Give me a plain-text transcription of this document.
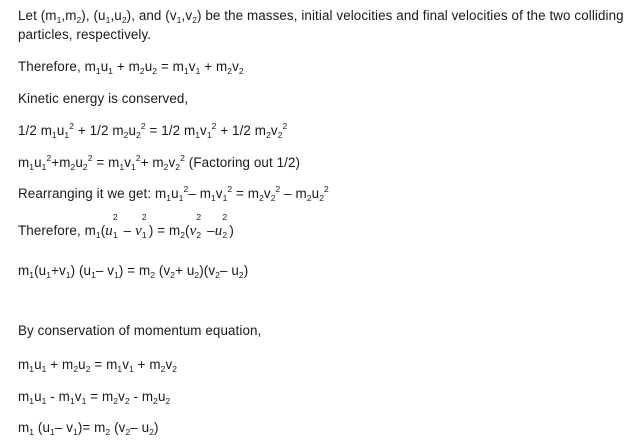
Let $(m_1,m_2)$, $(u_1,u_2)$, and $(v_1,v_2)$ be the masses, initial velocities and final velocities of the two colliding particles, respectively.
Therefore, $m_1u_1 + m_2u_2 = m_1v_1 + m_2v_2$
Kinetic energy is conserved,
1/2 $m_1u_1^2 + 1/2$ $m_2u_2^2 = 1/2$ $m_1v_1^2 + 1/2$ $m_2v_2^2$
$m_1u_1^2+m_2u_2^2 = m_1v_1^2+ m_2v_2^2$ (Factoring out 1/2)
Rearranging it we get: $m_1u_1^2-$ $m_1v_1^2 = m_2v_2^2 - m_2u_2^2$
Therefore, $m_1(u$
2
1 – v
2
1 ) = $m_2(v$
2
2 –u
2
2 )
$m_1(u_1+v_1)$ ($u_1-$ $v_1) = m_2$ $(v_2+ u_2)(v_2-$ $u_2$)
By conservation of momentum equation,
$m_1u_1 + m_2u_2 = m_1v_1 + m_2v_2$
$m_1u_1 - m_1v_1 = m_2v_2 - m_2u_2$
$m_1$ ($u_1-$ $v_1)= m_2$ ($v_2-$ $u_2$)
